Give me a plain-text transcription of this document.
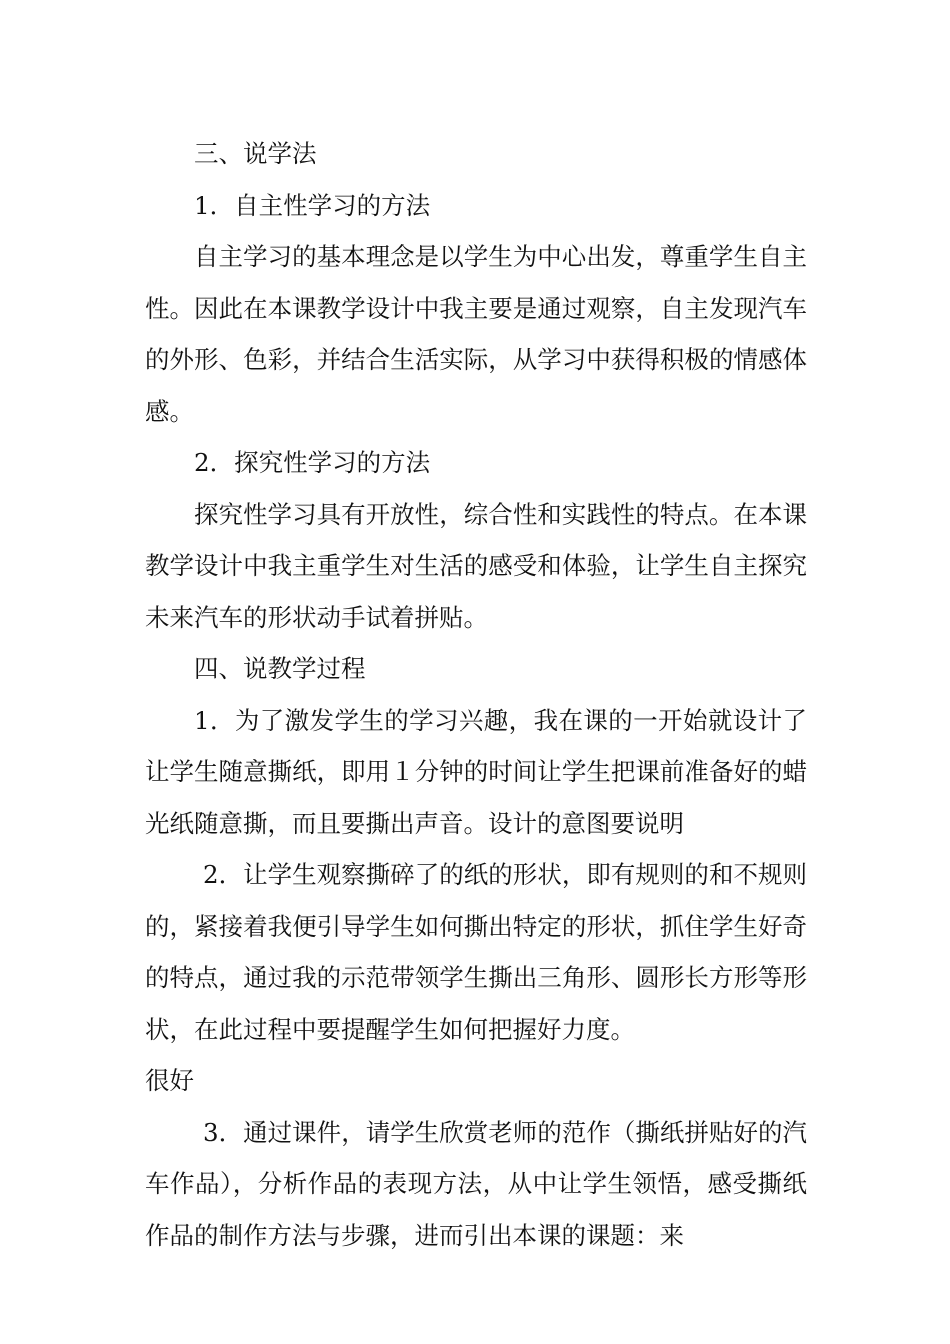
三、说学法

1．自主性学习的方法

自主学习的基本理念是以学生为中心出发，尊重学生自主性。因此在本课教学设计中我主要是通过观察，自主发现汽车的外形、色彩，并结合生活实际，从学习中获得积极的情感体感。

2．探究性学习的方法

探究性学习具有开放性，综合性和实践性的特点。在本课教学设计中我主重学生对生活的感受和体验，让学生自主探究未来汽车的形状动手试着拼贴。

四、说教学过程

1．为了激发学生的学习兴趣，我在课的一开始就设计了让学生随意撕纸，即用１分钟的时间让学生把课前准备好的蜡光纸随意撕，而且要撕出声音。设计的意图要说明

2．让学生观察撕碎了的纸的形状，即有规则的和不规则的，紧接着我便引导学生如何撕出特定的形状，抓住学生好奇的特点，通过我的示范带领学生撕出三角形、圆形长方形等形状，在此过程中要提醒学生如何把握好力度。

很好

3．通过课件，请学生欣赏老师的范作（撕纸拼贴好的汽车作品），分析作品的表现方法，从中让学生领悟，感受撕纸作品的制作方法与步骤，进而引出本课的课题：来
